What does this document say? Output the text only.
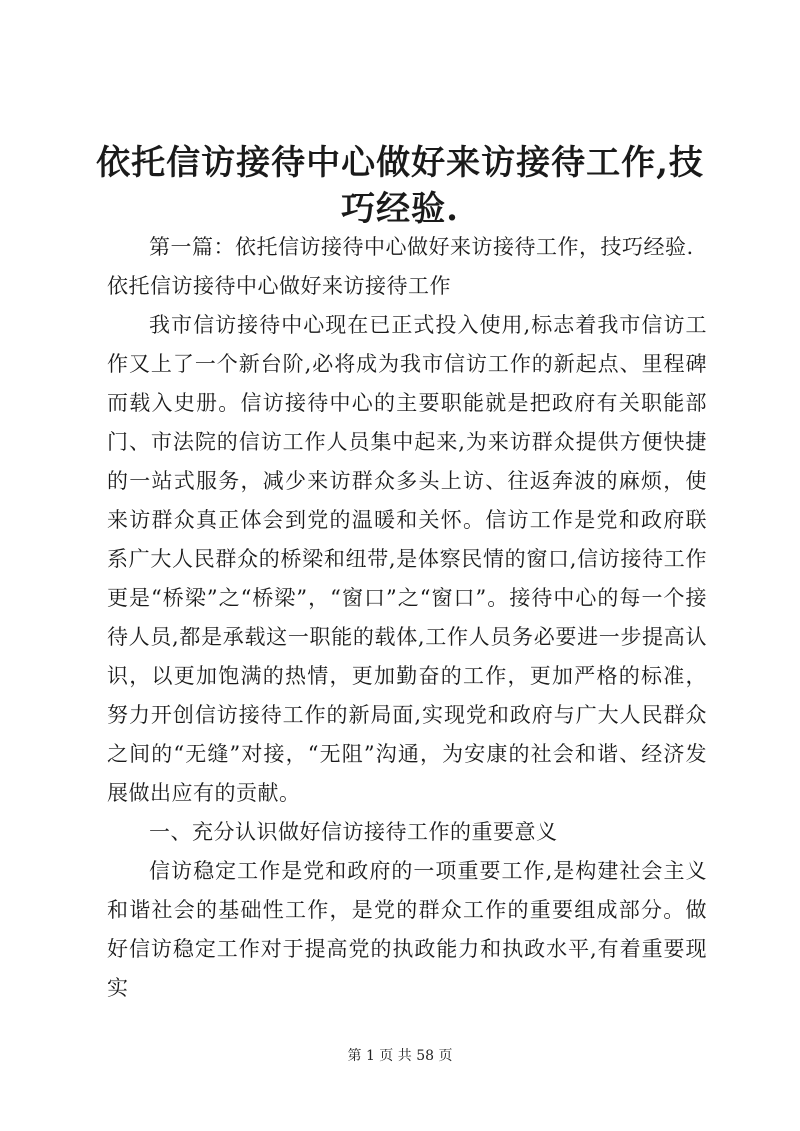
依托信访接待中心做好来访接待工作,技巧经验.

第一篇：依托信访接待中心做好来访接待工作，技巧经验.

依托信访接待中心做好来访接待工作

我市信访接待中心现在已正式投入使用,标志着我市信访工作又上了一个新台阶,必将成为我市信访工作的新起点、里程碑而载入史册。信访接待中心的主要职能就是把政府有关职能部门、市法院的信访工作人员集中起来,为来访群众提供方便快捷的一站式服务，减少来访群众多头上访、往返奔波的麻烦，使来访群众真正体会到党的温暖和关怀。信访工作是党和政府联系广大人民群众的桥梁和纽带,是体察民情的窗口,信访接待工作更是“桥梁”之“桥梁”，“窗口”之“窗口”。接待中心的每一个接待人员,都是承载这一职能的载体,工作人员务必要进一步提高认识，以更加饱满的热情，更加勤奋的工作，更加严格的标准，努力开创信访接待工作的新局面,实现党和政府与广大人民群众之间的“无缝”对接，“无阻”沟通，为安康的社会和谐、经济发展做出应有的贡献。

一、充分认识做好信访接待工作的重要意义

信访稳定工作是党和政府的一项重要工作,是构建社会主义和谐社会的基础性工作，是党的群众工作的重要组成部分。做好信访稳定工作对于提高党的执政能力和执政水平,有着重要现实

第 1 页 共 58 页
